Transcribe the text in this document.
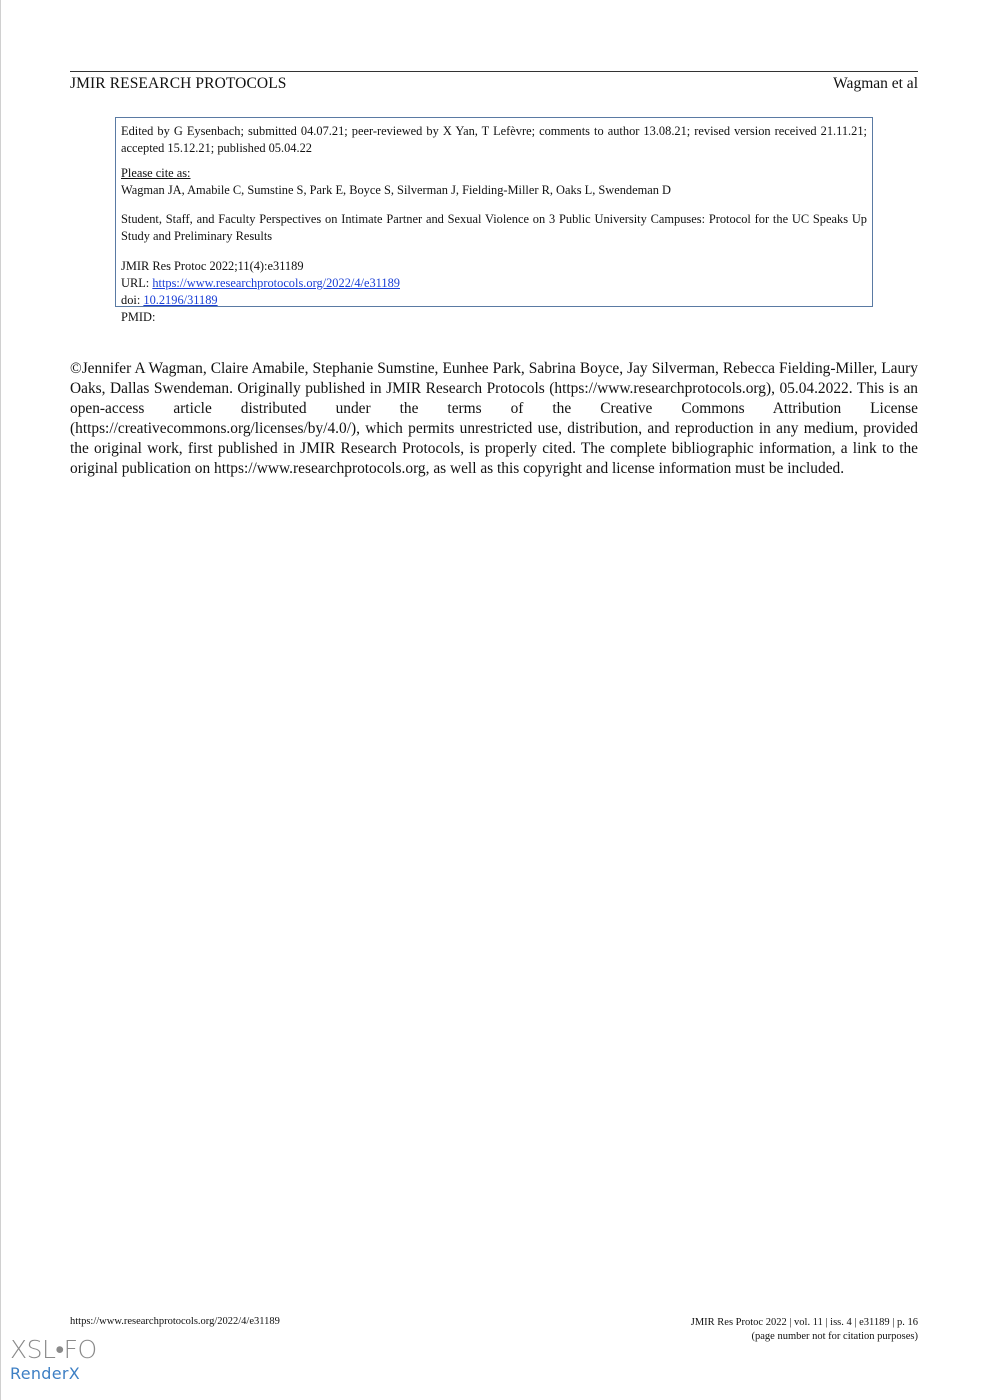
JMIR RESEARCH PROTOCOLS	Wagman et al

Edited by G Eysenbach; submitted 04.07.21; peer-reviewed by X Yan, T Lefèvre; comments to author 13.08.21; revised version received 21.11.21; accepted 15.12.21; published 05.04.22

Please cite as:

Wagman JA, Amabile C, Sumstine S, Park E, Boyce S, Silverman J, Fielding-Miller R, Oaks L, Swendeman D

Student, Staff, and Faculty Perspectives on Intimate Partner and Sexual Violence on 3 Public University Campuses: Protocol for the UC Speaks Up Study and Preliminary Results

JMIR Res Protoc 2022;11(4):e31189

URL: https://www.researchprotocols.org/2022/4/e31189

doi: 10.2196/31189

PMID:

©Jennifer A Wagman, Claire Amabile, Stephanie Sumstine, Eunhee Park, Sabrina Boyce, Jay Silverman, Rebecca Fielding-Miller, Laury Oaks, Dallas Swendeman. Originally published in JMIR Research Protocols (https://www.researchprotocols.org), 05.04.2022. This is an open-access article distributed under the terms of the Creative Commons Attribution License (https://creativecommons.org/licenses/by/4.0/), which permits unrestricted use, distribution, and reproduction in any medium, provided the original work, first published in JMIR Research Protocols, is properly cited. The complete bibliographic information, a link to the original publication on https://www.researchprotocols.org, as well as this copyright and license information must be included.
https://www.researchprotocols.org/2022/4/e31189	JMIR Res Protoc 2022 | vol. 11 | iss. 4 | e31189 | p. 16
(page number not for citation purposes)
XSL•FO
RenderX
